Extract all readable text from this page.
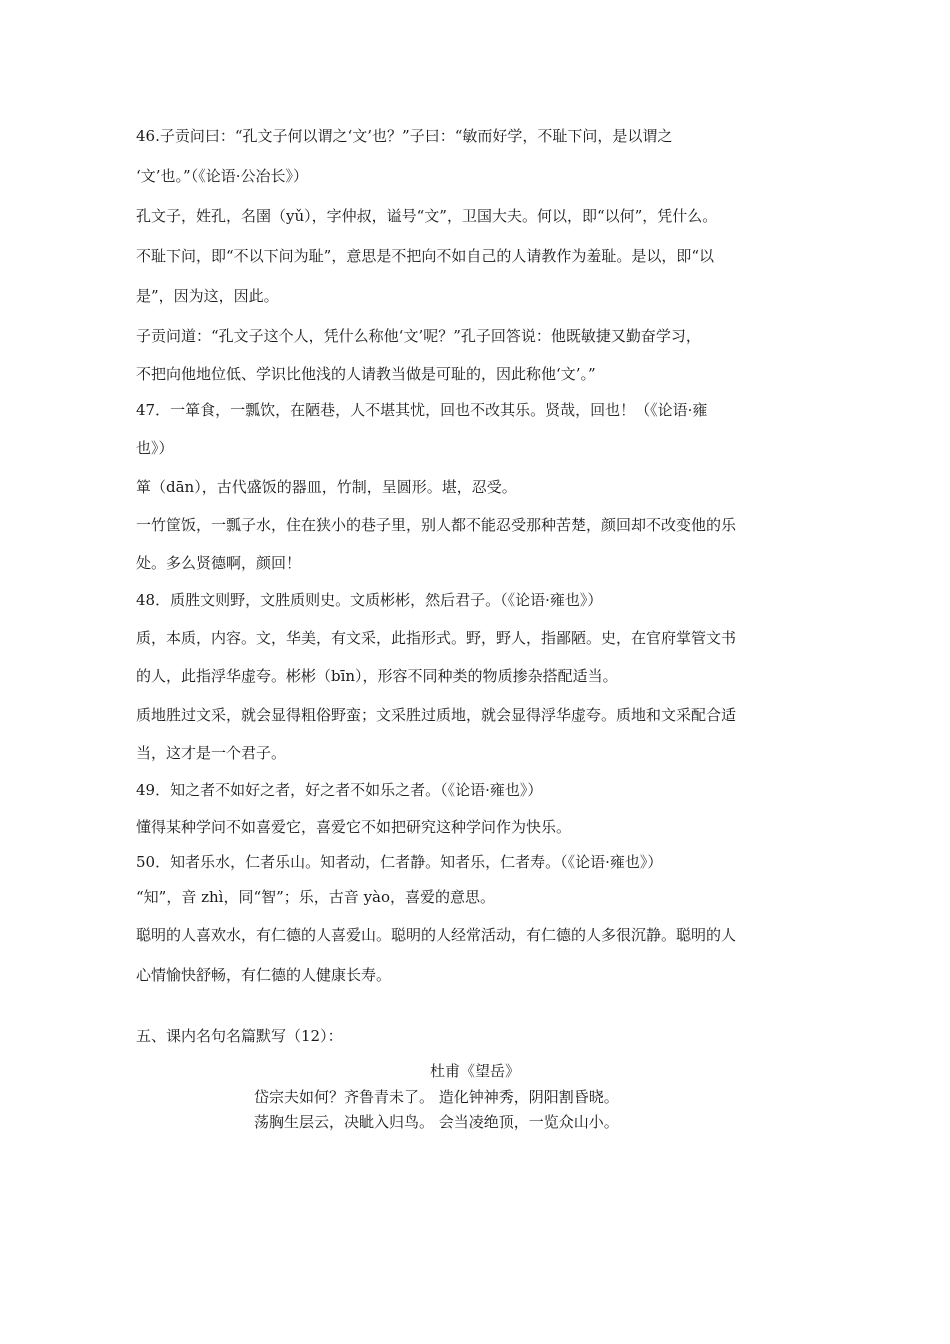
46.子贡问曰：“孔文子何以谓之‘文’也？”子曰：“敏而好学，不耻下问，是以谓之
‘文’也。”（《论语·公冶长》）
孔文子，姓孔，名圉（yǔ），字仲叔，谥号“文”，卫国大夫。何以，即“以何”，凭什么。
不耻下问，即“不以下问为耻”，意思是不把向不如自己的人请教作为羞耻。是以，即“以
是”，因为这，因此。
子贡问道：“孔文子这个人，凭什么称他‘文’呢？”孔子回答说：他既敏捷又勤奋学习，
不把向他地位低、学识比他浅的人请教当做是可耻的，因此称他‘文’。”
47．一箪食，一瓢饮，在陋巷，人不堪其忧，回也不改其乐。贤哉，回也！（《论语·雍
也》）
箪（dān），古代盛饭的器皿，竹制，呈圆形。堪，忍受。
一竹筐饭，一瓢子水，住在狭小的巷子里，别人都不能忍受那种苦楚，颜回却不改变他的乐
处。多么贤德啊，颜回！
48．质胜文则野，文胜质则史。文质彬彬，然后君子。（《论语·雍也》）
质，本质，内容。文，华美，有文采，此指形式。野，野人，指鄙陋。史，在官府掌管文书
的人，此指浮华虚夸。彬彬（bīn），形容不同种类的物质掺杂搭配适当。
质地胜过文采，就会显得粗俗野蛮；文采胜过质地，就会显得浮华虚夸。质地和文采配合适
当，这才是一个君子。
49．知之者不如好之者，好之者不如乐之者。（《论语·雍也》）
懂得某种学问不如喜爱它，喜爱它不如把研究这种学问作为快乐。
50．知者乐水，仁者乐山。知者动，仁者静。知者乐，仁者寿。（《论语·雍也》）
“知”，音 zhì，同“智”；乐，古音 yào，喜爱的意思。
聪明的人喜欢水，有仁德的人喜爱山。聪明的人经常活动，有仁德的人多很沉静。聪明的人
心情愉快舒畅，有仁德的人健康长寿。
五、课内名句名篇默写（12）：
杜甫《望岳》
岱宗夫如何？齐鲁青未了。 造化钟神秀，阴阳割昏晓。
荡胸生层云，决眦入归鸟。 会当凌绝顶，一览众山小。
